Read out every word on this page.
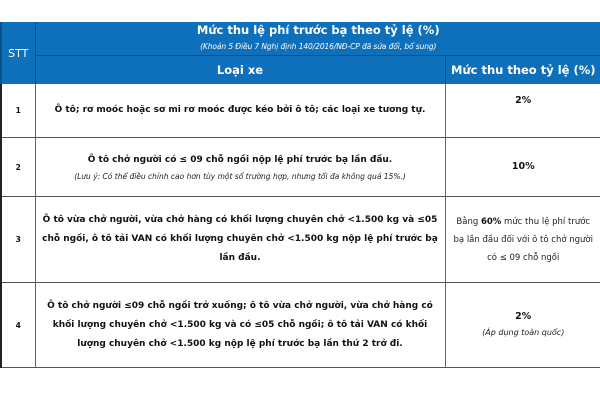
STT	Mức thu lệ phí trước bạ theo tỷ lệ (%)
(Khoản 5 Điều 7 Nghị định 140/2016/NĐ-CP đã sửa đổi, bổ sung)	

	Loại xe	Mức thu theo tỷ lệ (%)
1	Ô tô; rơ moóc hoặc sơ mi rơ moóc được kéo bởi ô tô; các loại xe tương tự.	2%

2	Ô tô chở người có ≤ 09 chỗ ngồi nộp lệ phí trước bạ lần đầu.
(Lưu ý: Có thể điều chỉnh cao hơn tùy một số trường hợp, nhưng tối đa không quá 15%.)	10%

3	Ô tô vừa chở người, vừa chở hàng có khối lượng chuyên chở <1.500 kg và ≤05 chỗ ngồi, ô tô tải VAN có khối lượng chuyên chở <1.500 kg nộp lệ phí trước bạ lần đầu.	Bằng 60% mức thu lệ phí trước bạ lần đầu đối với ô tô chở người có ≤ 09 chỗ ngồi
4	Ô tô chở người ≤09 chỗ ngồi trở xuống; ô tô vừa chở người, vừa chở hàng có khối lượng chuyên chở <1.500 kg và có ≤05 chỗ ngồi; ô tô tải VAN có khối lượng chuyên chở <1.500 kg nộp lệ phí trước bạ lần thứ 2 trở đi.	2%
(Áp dụng toàn quốc)
